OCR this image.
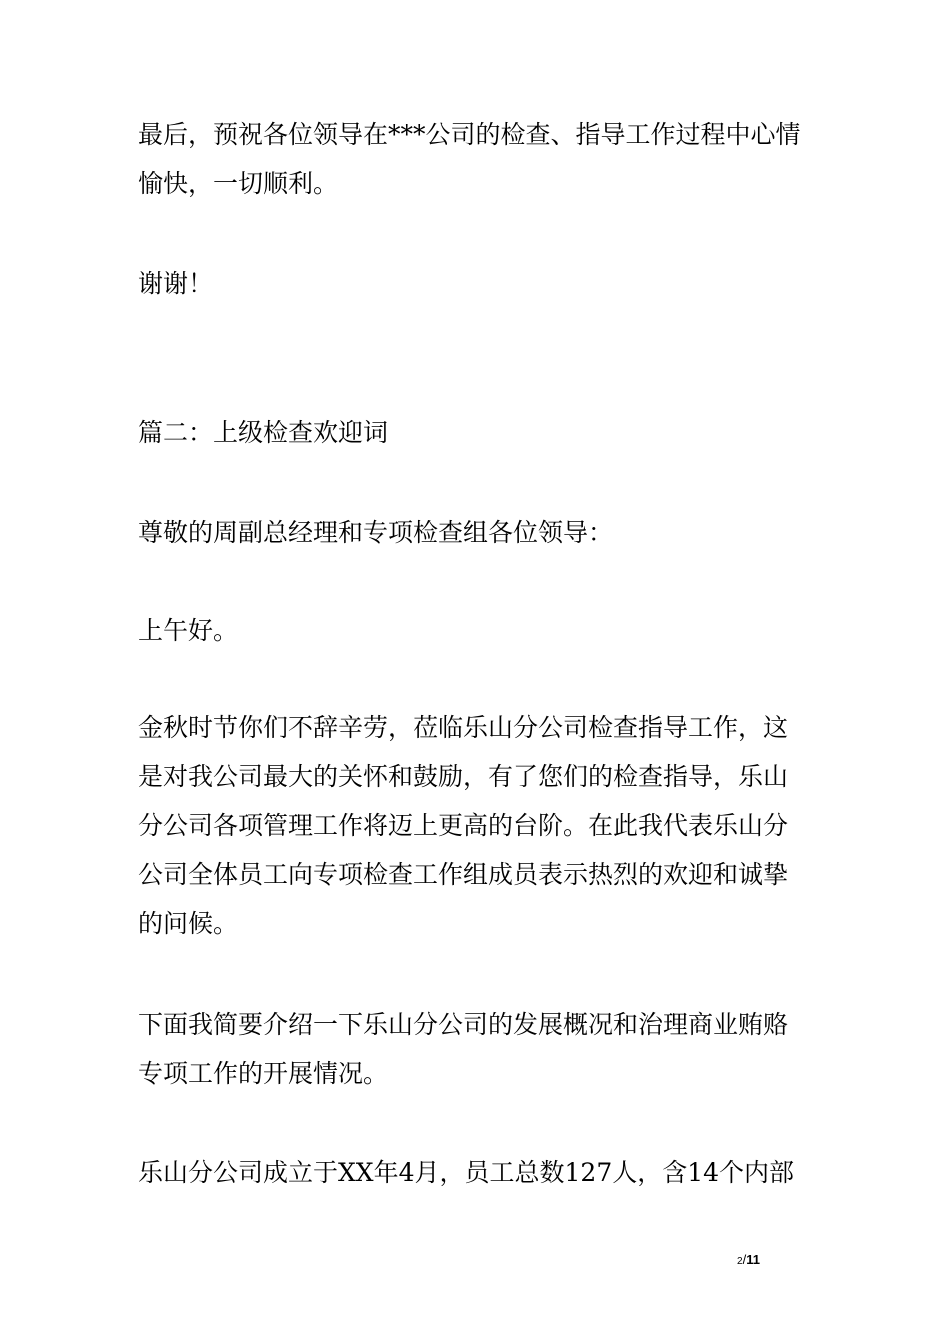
最后，预祝各位领导在***公司的检查、指导工作过程中心情
愉快，一切顺利。

谢谢！

篇二：上级检查欢迎词

尊敬的周副总经理和专项检查组各位领导：

上午好。

金秋时节你们不辞辛劳，莅临乐山分公司检查指导工作，这
是对我公司最大的关怀和鼓励，有了您们的检查指导，乐山
分公司各项管理工作将迈上更高的台阶。在此我代表乐山分
公司全体员工向专项检查工作组成员表示热烈的欢迎和诚挚
的问候。

下面我简要介绍一下乐山分公司的发展概况和治理商业贿赂
专项工作的开展情况。

乐山分公司成立于XX年4月，员工总数127人，含14个内部

2/11
